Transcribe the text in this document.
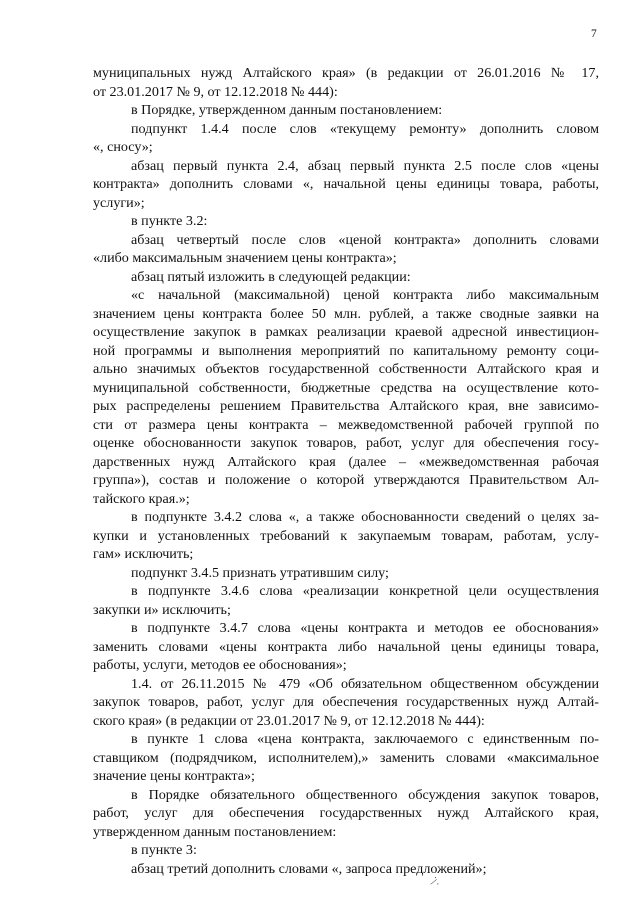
7
муниципальных нужд Алтайского края» (в редакции от 26.01.2016 № 17,
от 23.01.2017 № 9, от 12.12.2018 № 444):
в Порядке, утвержденном данным постановлением:
подпункт 1.4.4 после слов «текущему ремонту» дополнить словом
«, сносу»;
абзац первый пункта 2.4, абзац первый пункта 2.5 после слов «цены
контракта» дополнить словами «, начальной цены единицы товара, работы,
услуги»;
в пункте 3.2:
абзац четвертый после слов «ценой контракта» дополнить словами
«либо максимальным значением цены контракта»;
абзац пятый изложить в следующей редакции:
«с начальной (максимальной) ценой контракта либо максимальным
значением цены контракта более 50 млн. рублей, а также сводные заявки на
осуществление закупок в рамках реализации краевой адресной инвестицион-
ной программы и выполнения мероприятий по капитальному ремонту соци-
ально значимых объектов государственной собственности Алтайского края и
муниципальной собственности, бюджетные средства на осуществление кото-
рых распределены решением Правительства Алтайского края, вне зависимо-
сти от размера цены контракта – межведомственной рабочей группой по
оценке обоснованности закупок товаров, работ, услуг для обеспечения госу-
дарственных нужд Алтайского края (далее – «межведомственная рабочая
группа»), состав и положение о которой утверждаются Правительством Ал-
тайского края.»;
в подпункте 3.4.2 слова «, а также обоснованности сведений о целях за-
купки и установленных требований к закупаемым товарам, работам, услу-
гам» исключить;
подпункт 3.4.5 признать утратившим силу;
в подпункте 3.4.6 слова «реализации конкретной цели осуществления
закупки и» исключить;
в подпункте 3.4.7 слова «цены контракта и методов ее обоснования»
заменить словами «цены контракта либо начальной цены единицы товара,
работы, услуги, методов ее обоснования»;
1.4. от 26.11.2015 № 479 «Об обязательном общественном обсуждении
закупок товаров, работ, услуг для обеспечения государственных нужд Алтай-
ского края» (в редакции от 23.01.2017 № 9, от 12.12.2018 № 444):
в пункте 1 слова «цена контракта, заключаемого с единственным по-
ставщиком (подрядчиком, исполнителем),» заменить словами «максимальное
значение цены контракта»;
в Порядке обязательного общественного обсуждения закупок товаров,
работ, услуг для обеспечения государственных нужд Алтайского края,
утвержденном данным постановлением:
в пункте 3:
абзац третий дополнить словами «, запроса предложений»;
˙\˙
